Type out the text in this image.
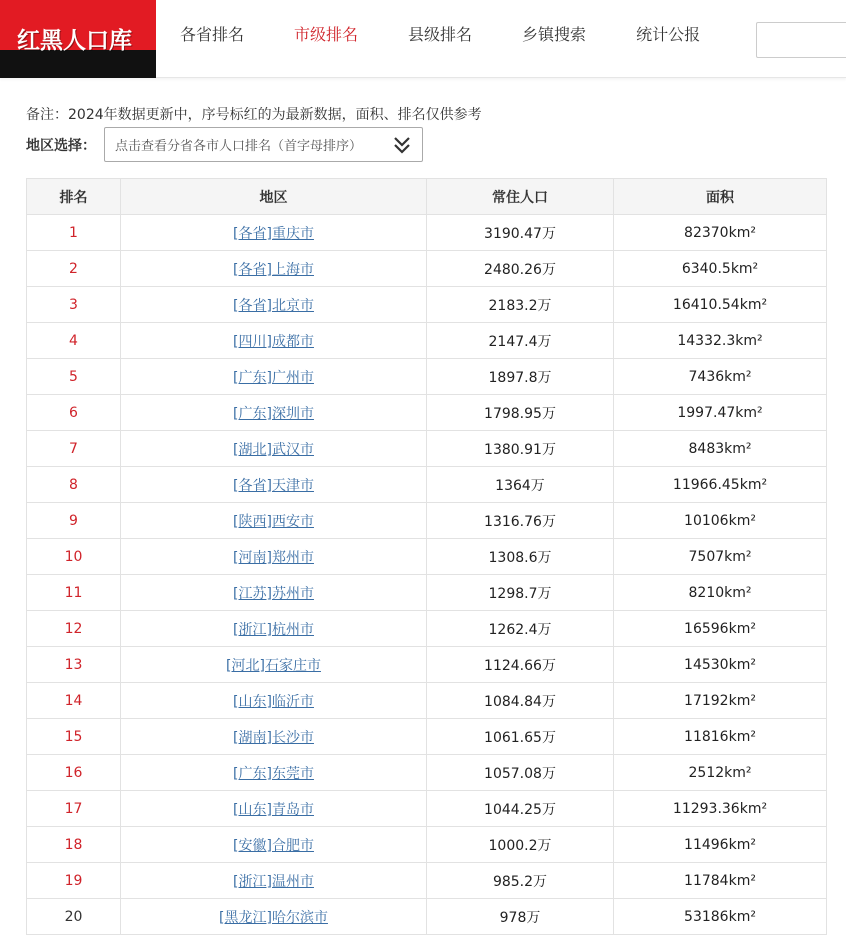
红黑人口库	各省排名	市级排名	县级排名	乡镇搜索	统计公报
备注：2024年数据更新中，序号标红的为最新数据，面积、排名仅供参考
地区选择： 点击查看分省各市人口排名（首字母排序）
排名	地区	常住人口	面积
1	[各省]重庆市	3190.47万	82370km²
2	[各省]上海市	2480.26万	6340.5km²
3	[各省]北京市	2183.2万	16410.54km²
4	[四川]成都市	2147.4万	14332.3km²
5	[广东]广州市	1897.8万	7436km²
6	[广东]深圳市	1798.95万	1997.47km²
7	[湖北]武汉市	1380.91万	8483km²
8	[各省]天津市	1364万	11966.45km²
9	[陕西]西安市	1316.76万	10106km²
10	[河南]郑州市	1308.6万	7507km²
11	[江苏]苏州市	1298.7万	8210km²
12	[浙江]杭州市	1262.4万	16596km²
13	[河北]石家庄市	1124.66万	14530km²
14	[山东]临沂市	1084.84万	17192km²
15	[湖南]长沙市	1061.65万	11816km²
16	[广东]东莞市	1057.08万	2512km²
17	[山东]青岛市	1044.25万	11293.36km²
18	[安徽]合肥市	1000.2万	11496km²
19	[浙江]温州市	985.2万	11784km²
20	[黑龙江]哈尔滨市	978万	53186km²
